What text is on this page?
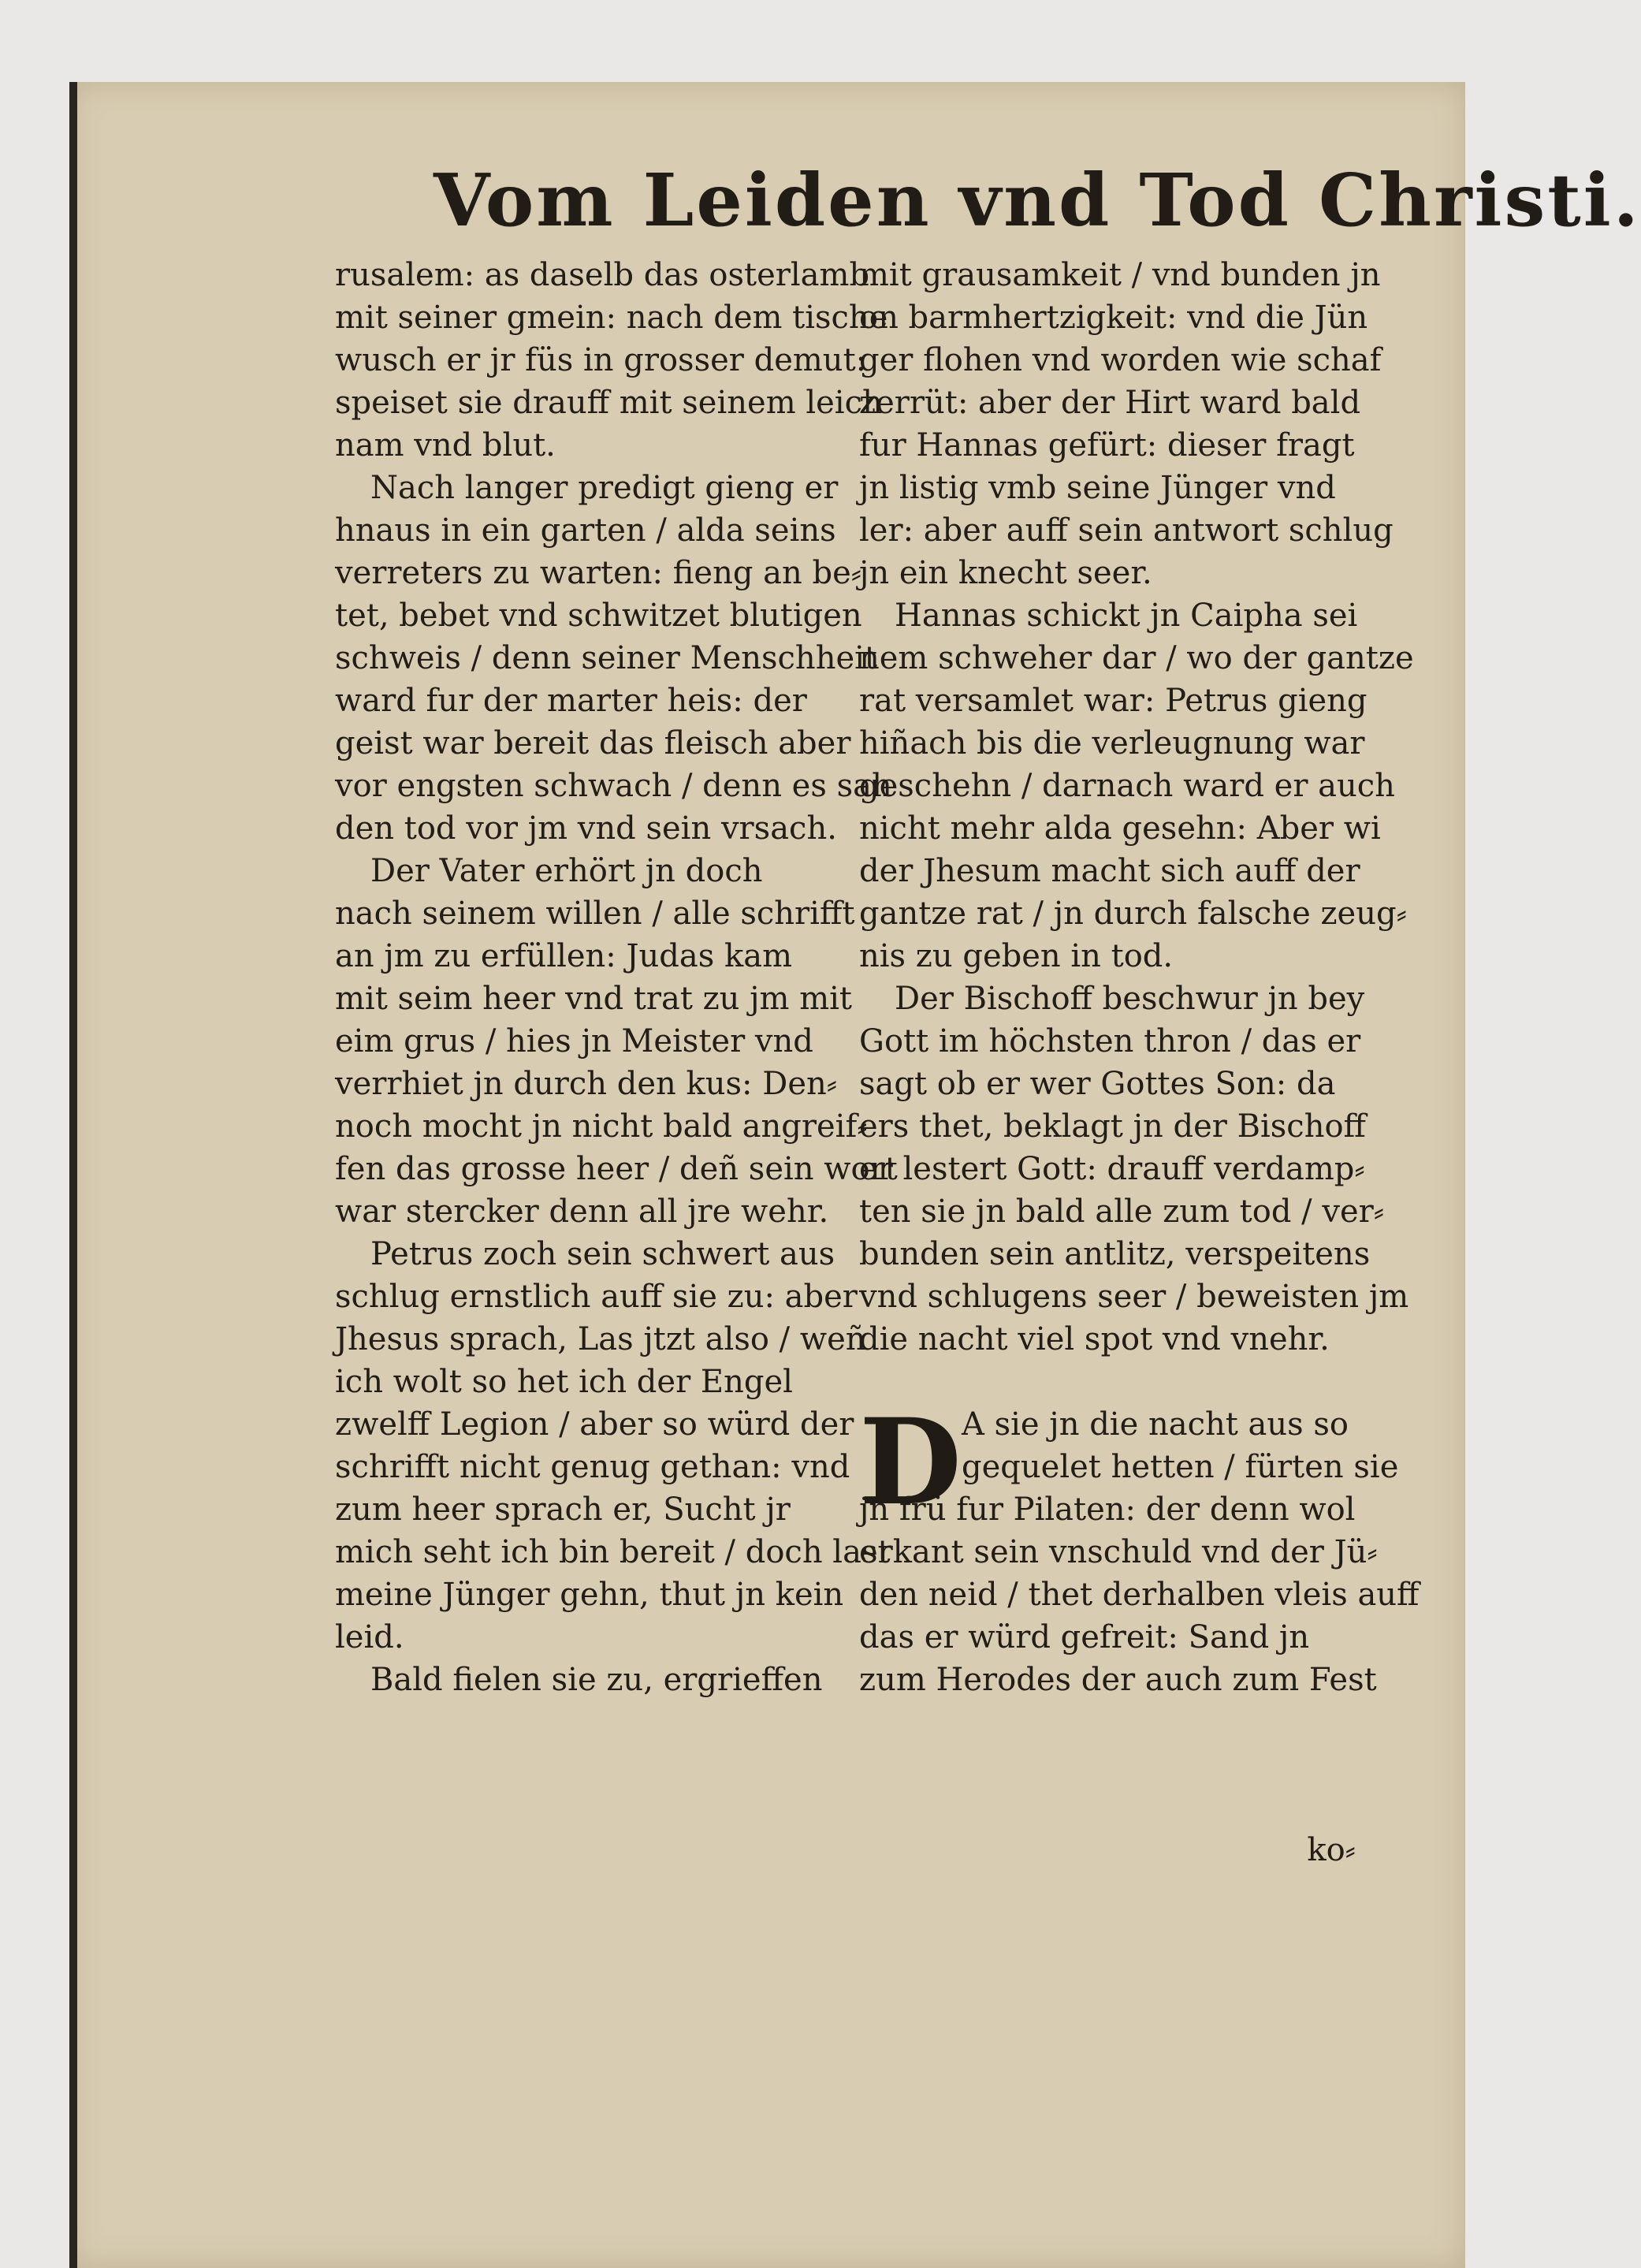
Vom Leiden vnd Tod Christi.
rusalem: as daselb das osterlamb
mit seiner gmein: nach dem tische
wusch er jr füs in grosser demut:
speiset sie drauff mit seinem leich
nam vnd blut.
Nach langer predigt gieng er
hnaus in ein garten / alda seins
verreters zu warten: fieng an be⸗
tet, bebet vnd schwitzet blutigen
schweis / denn seiner Menschheit
ward fur der marter heis: der
geist war bereit das fleisch aber
vor engsten schwach / denn es sah
den tod vor jm vnd sein vrsach.
Der Vater erhört jn doch
nach seinem willen / alle schrifft
an jm zu erfüllen: Judas kam
mit seim heer vnd trat zu jm mit
eim grus / hies jn Meister vnd
verrhiet jn durch den kus: Den⸗
noch mocht jn nicht bald angreif⸗
fen das grosse heer / deñ sein wort
war stercker denn all jre wehr.
Petrus zoch sein schwert aus
schlug ernstlich auff sie zu: aber
Jhesus sprach, Las jtzt also / weñ
ich wolt so het ich der Engel
zwelff Legion / aber so würd der
schrifft nicht genug gethan: vnd
zum heer sprach er, Sucht jr
mich seht ich bin bereit / doch last
meine Jünger gehn, thut jn kein
leid.
Bald fielen sie zu, ergrieffen
mit grausamkeit / vnd bunden jn
on barmhertzigkeit: vnd die Jün
ger flohen vnd worden wie schaf
zerrüt: aber der Hirt ward bald
fur Hannas gefürt: dieser fragt
jn listig vmb seine Jünger vnd
ler: aber auff sein antwort schlug
jn ein knecht seer.
Hannas schickt jn Caipha sei
nem schweher dar / wo der gantze
rat versamlet war: Petrus gieng
hiñach bis die verleugnung war
geschehn / darnach ward er auch
nicht mehr alda gesehn: Aber wi
der Jhesum macht sich auff der
gantze rat / jn durch falsche zeug⸗
nis zu geben in tod.
Der Bischoff beschwur jn bey
Gott im höchsten thron / das er
sagt ob er wer Gottes Son: da
ers thet, beklagt jn der Bischoff
er lestert Gott: drauff verdamp⸗
ten sie jn bald alle zum tod / ver⸗
bunden sein antlitz, verspeitens
vnd schlugens seer / beweisten jm
die nacht viel spot vnd vnehr.
D A sie jn die nacht aus so
gequelet hetten / fürten sie
jn frü fur Pilaten: der denn wol
erkant sein vnschuld vnd der Jü⸗
den neid / thet derhalben vleis auff
das er würd gefreit: Sand jn
zum Herodes der auch zum Fest
ko⸗
